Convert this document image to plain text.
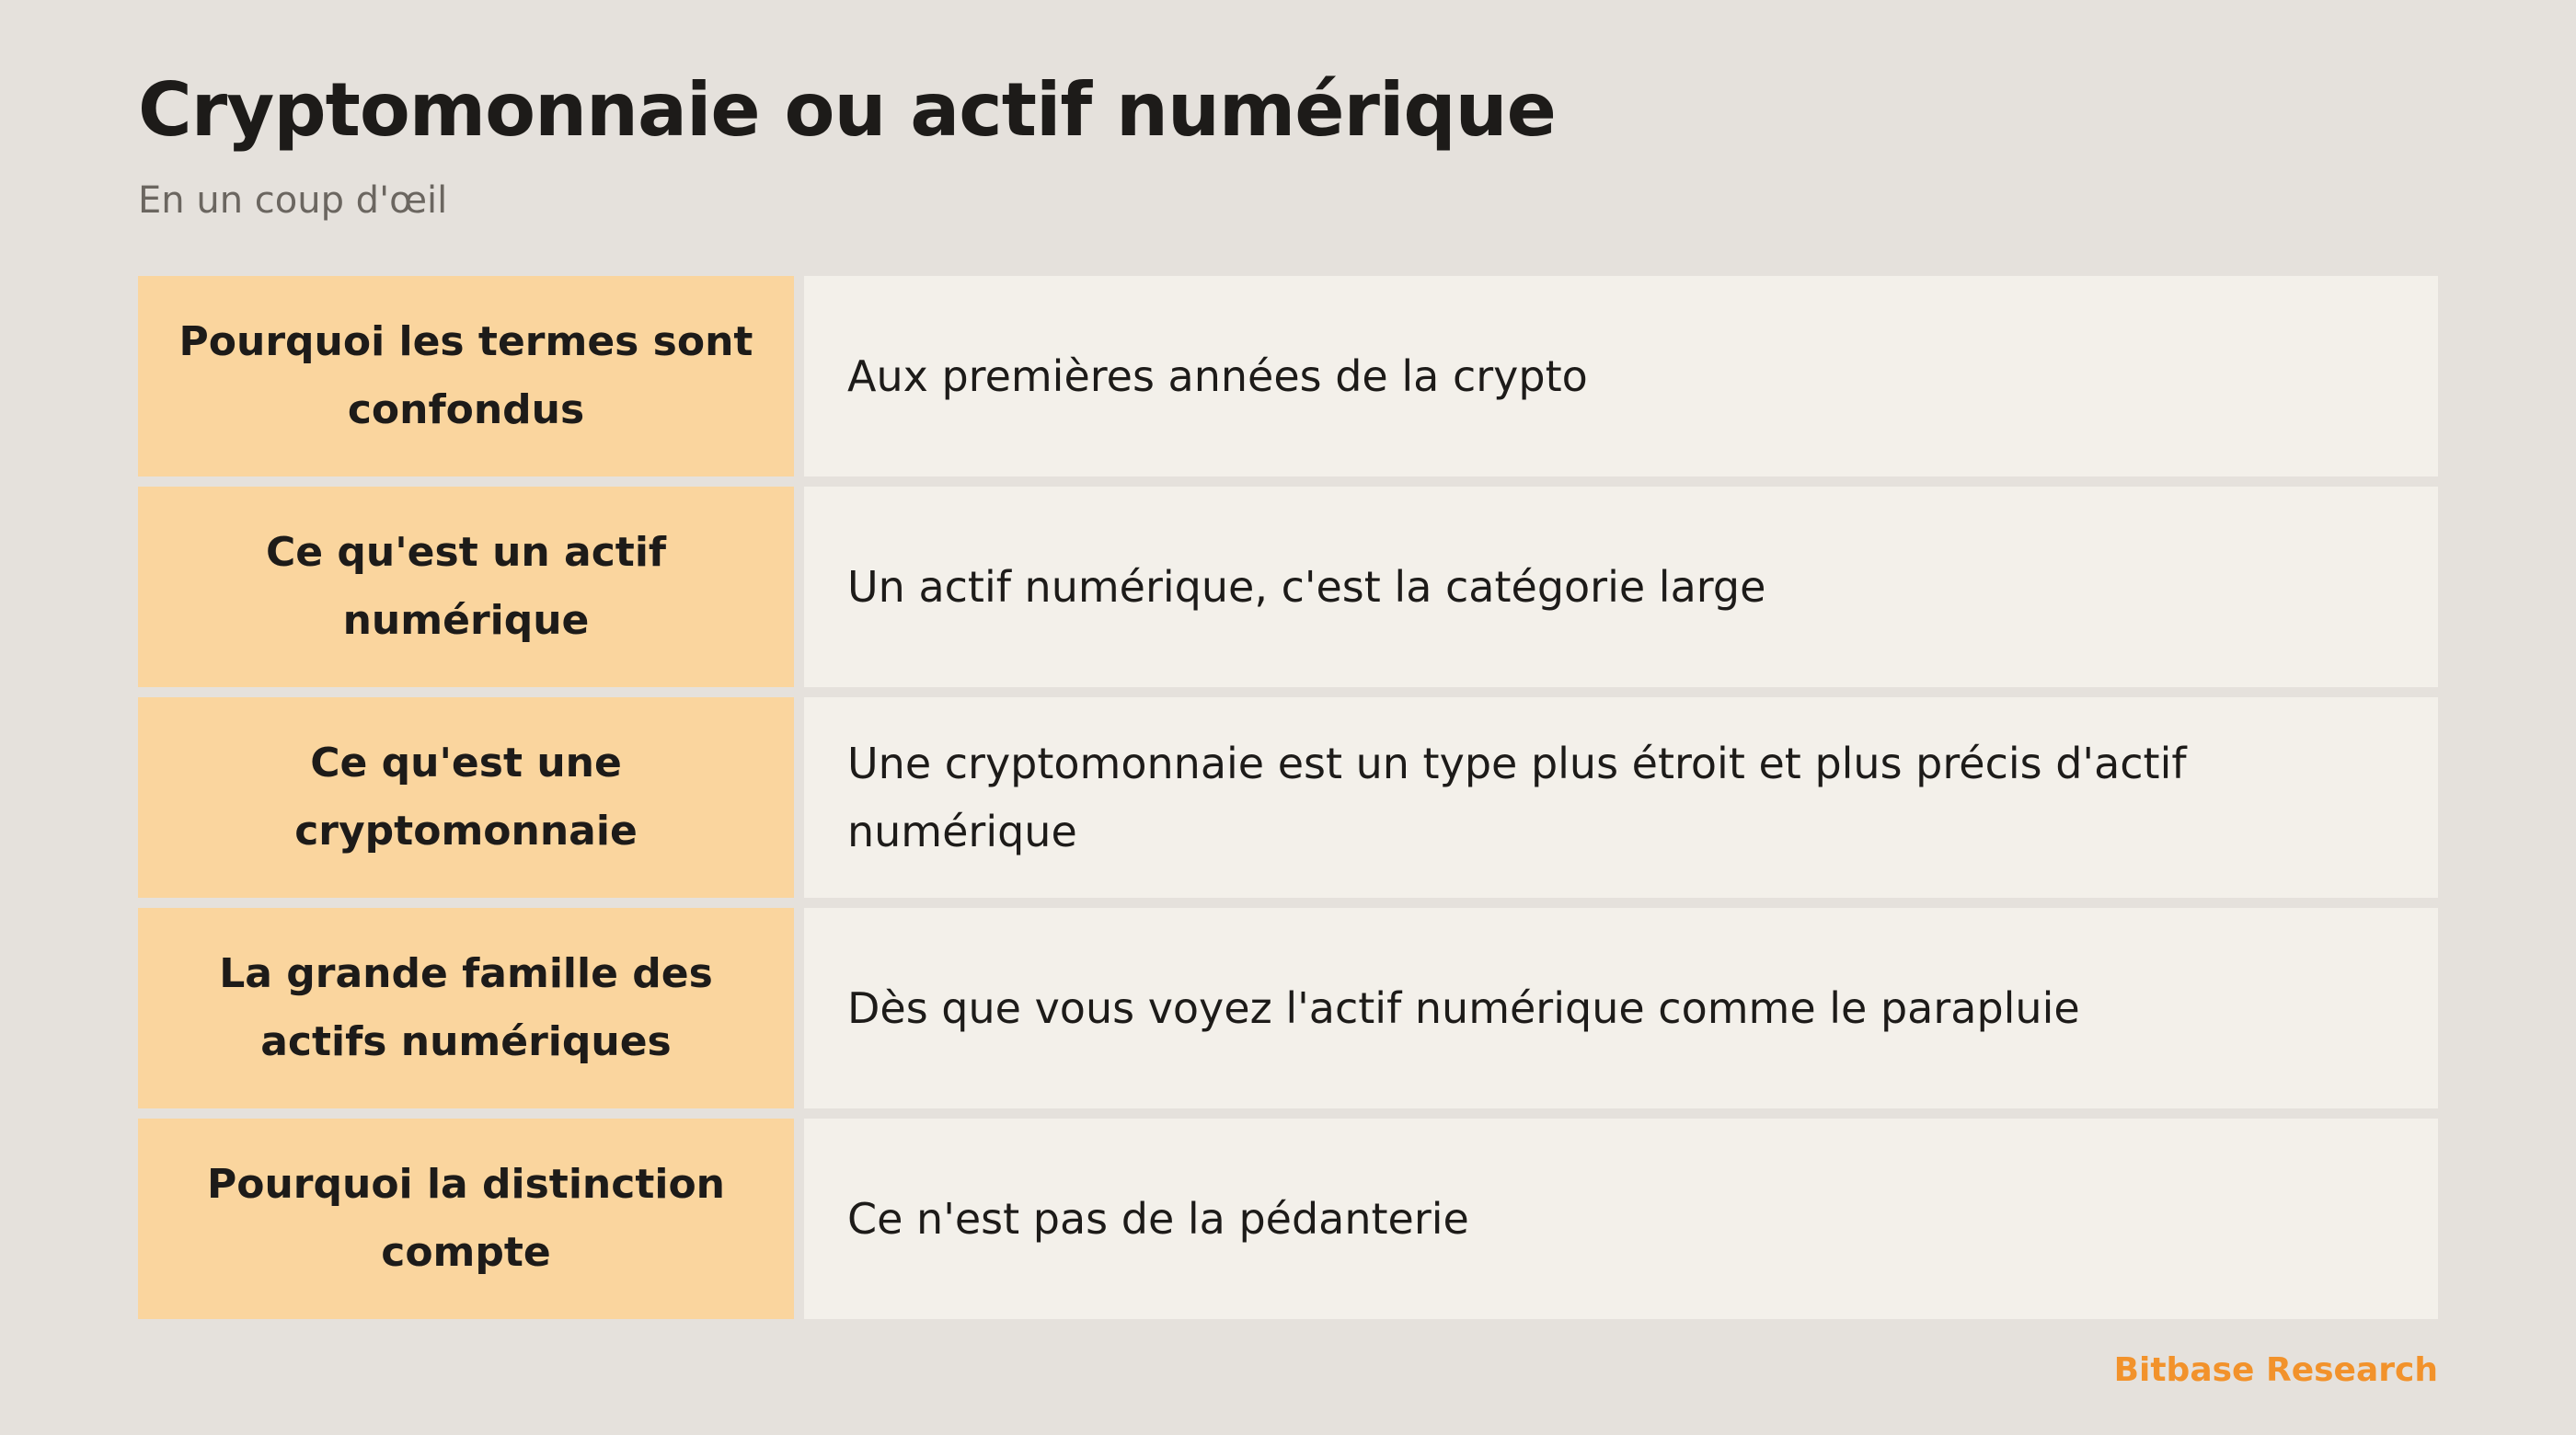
Cryptomonnaie ou actif numérique

En un coup d'œil

Pourquoi les termes sont confondus
Aux premières années de la crypto
Ce qu'est un actif numérique
Un actif numérique, c'est la catégorie large
Ce qu'est une cryptomonnaie
Une cryptomonnaie est un type plus étroit et plus précis d'actif numérique
La grande famille des actifs numériques
Dès que vous voyez l'actif numérique comme le parapluie
Pourquoi la distinction compte
Ce n'est pas de la pédanterie

Bitbase Research
